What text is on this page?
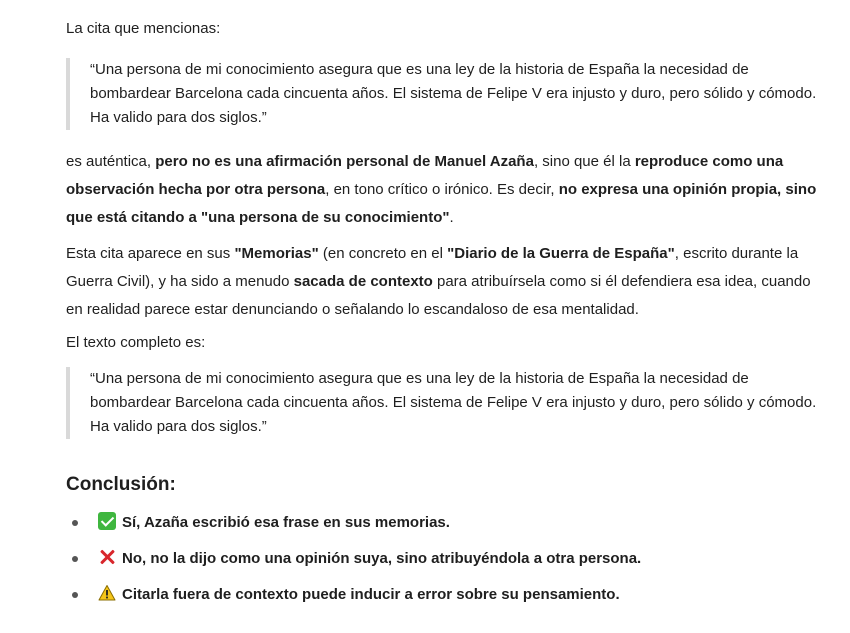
La cita que mencionas:

“Una persona de mi conocimiento asegura que es una ley de la historia de España la necesidad de bombardear Barcelona cada cincuenta años. El sistema de Felipe V era injusto y duro, pero sólido y cómodo. Ha valido para dos siglos.”

es auténtica, pero no es una afirmación personal de Manuel Azaña, sino que él la reproduce como una observación hecha por otra persona, en tono crítico o irónico. Es decir, no expresa una opinión propia, sino que está citando a "una persona de su conocimiento".

Esta cita aparece en sus "Memorias" (en concreto en el "Diario de la Guerra de España", escrito durante la Guerra Civil), y ha sido a menudo sacada de contexto para atribuírsela como si él defendiera esa idea, cuando en realidad parece estar denunciando o señalando lo escandaloso de esa mentalidad.

El texto completo es:

“Una persona de mi conocimiento asegura que es una ley de la historia de España la necesidad de bombardear Barcelona cada cincuenta años. El sistema de Felipe V era injusto y duro, pero sólido y cómodo. Ha valido para dos siglos.”
Conclusión:
Sí, Azaña escribió esa frase en sus memorias.
No, no la dijo como una opinión suya, sino atribuyéndola a otra persona.
Citarla fuera de contexto puede inducir a error sobre su pensamiento.
